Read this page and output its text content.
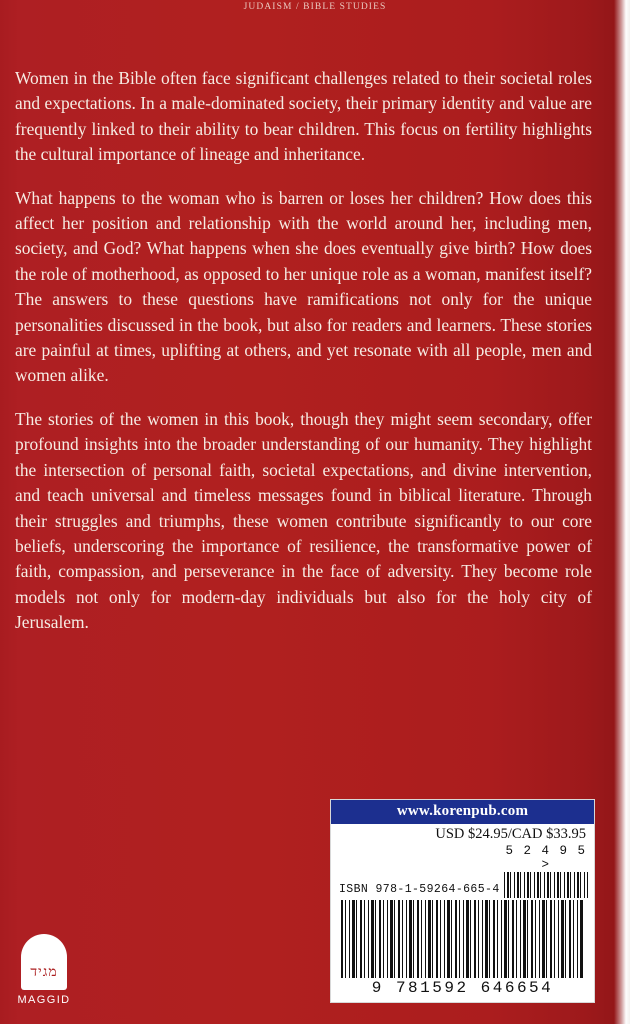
JUDAISM / BIBLE STUDIES

Women in the Bible often face significant challenges related to their societal roles and expectations. In a male-dominated society, their primary identity and value are frequently linked to their ability to bear children. This focus on fertility highlights the cultural importance of lineage and inheritance.

What happens to the woman who is barren or loses her children? How does this affect her position and relationship with the world around her, including men, society, and God? What happens when she does eventually give birth? How does the role of motherhood, as opposed to her unique role as a woman, manifest itself? The answers to these questions have ramifications not only for the unique personalities discussed in the book, but also for readers and learners. These stories are painful at times, uplifting at others, and yet resonate with all people, men and women alike.

The stories of the women in this book, though they might seem secondary, offer profound insights into the broader understanding of our humanity. They highlight the intersection of personal faith, societal expectations, and divine intervention, and teach universal and timeless messages found in biblical literature. Through their struggles and triumphs, these women contribute significantly to our core beliefs, underscoring the importance of resilience, the transformative power of faith, compassion, and perseverance in the face of adversity. They become role models not only for modern-day individuals but also for the holy city of Jerusalem.

www.korenpub.com
USD $24.95/CAD $33.95
ISBN 978-1-59264-665-4
5 2 4 9 5 >
9 781592 646654
מגיד
MAGGID
